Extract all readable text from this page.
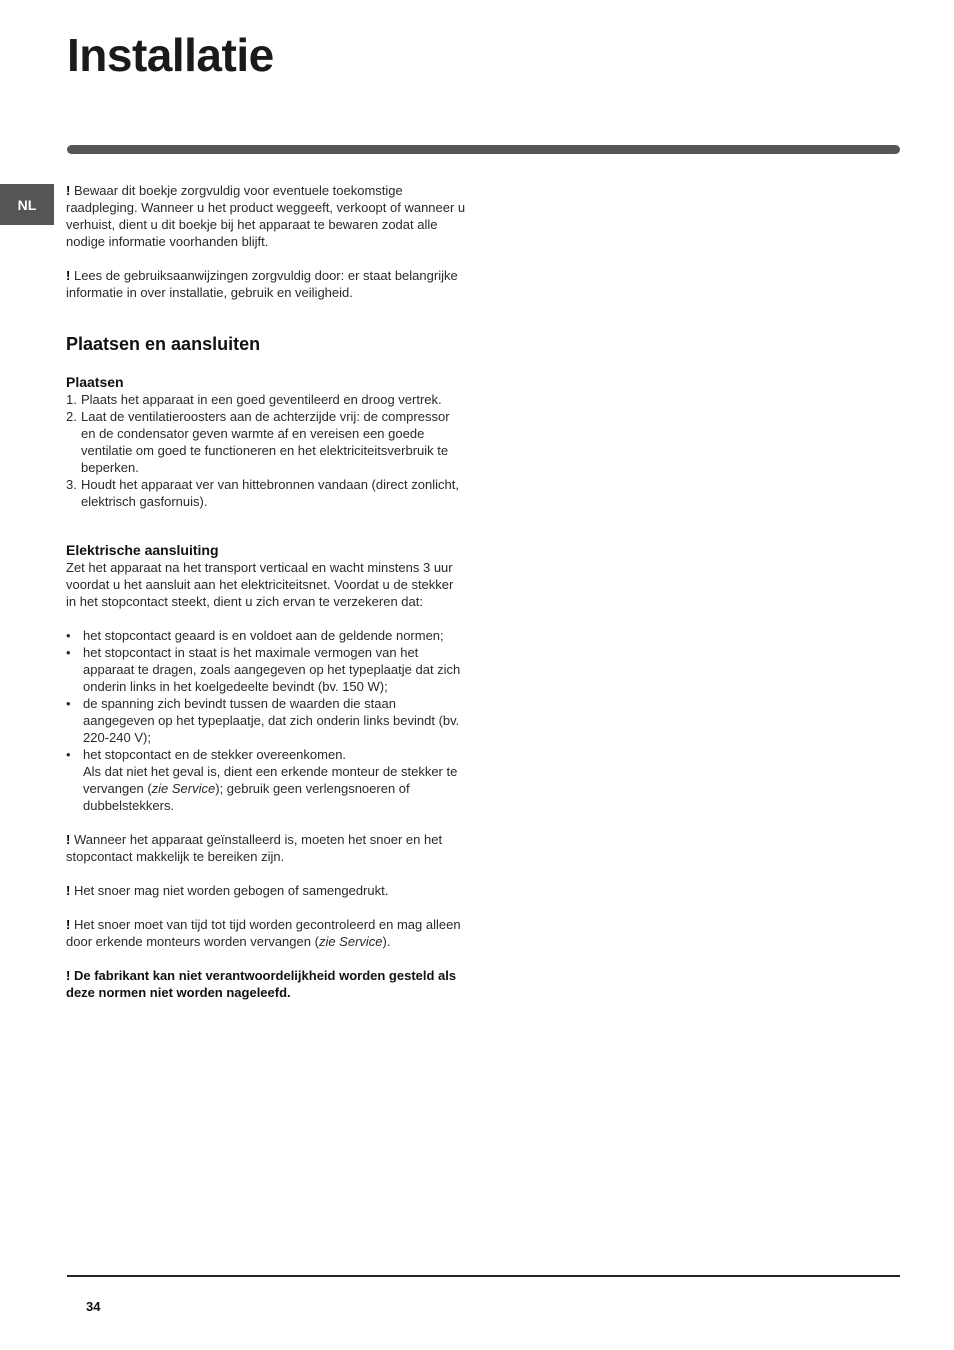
Installatie
NL

! Bewaar dit boekje zorgvuldig voor eventuele toekomstige raadpleging. Wanneer u het product weggeeft, verkoopt of wanneer u verhuist, dient u dit boekje bij het apparaat te bewaren zodat alle nodige informatie voorhanden blijft.

! Lees de gebruiksaanwijzingen zorgvuldig door: er staat belangrijke informatie in over installatie, gebruik en veiligheid.

Plaatsen en aansluiten
Plaatsen
1. Plaats het apparaat in een goed geventileerd en droog vertrek.
2. Laat de ventilatieroosters aan de achterzijde vrij: de compressor en de condensator geven warmte af en vereisen een goede ventilatie om goed te functioneren en het elektriciteitsverbruik te beperken.
3. Houdt het apparaat ver van hittebronnen vandaan (direct zonlicht, elektrisch gasfornuis).
Elektrische aansluiting

Zet het apparaat na het transport verticaal en wacht minstens 3 uur voordat u het aansluit aan het elektriciteitsnet. Voordat u de stekker in het stopcontact steekt, dient u zich ervan te verzekeren dat:

• het stopcontact geaard is en voldoet aan de geldende normen;
• het stopcontact in staat is het maximale vermogen van het apparaat te dragen, zoals aangegeven op het typeplaatje dat zich onderin links in het koelgedeelte bevindt (bv. 150 W);
• de spanning zich bevindt tussen de waarden die staan aangegeven op het typeplaatje, dat zich onderin links bevindt (bv. 220-240 V);
• het stopcontact en de stekker overeenkomen.
Als dat niet het geval is, dient een erkende monteur de stekker te vervangen (zie Service); gebruik geen verlengsnoeren of dubbelstekkers.

! Wanneer het apparaat geïnstalleerd is, moeten het snoer en het stopcontact makkelijk te bereiken zijn.

! Het snoer mag niet worden gebogen of samengedrukt.

! Het snoer moet van tijd tot tijd worden gecontroleerd en mag alleen door erkende monteurs worden vervangen (zie Service).

! De fabrikant kan niet verantwoordelijkheid worden gesteld als deze normen niet worden nageleefd.

34
